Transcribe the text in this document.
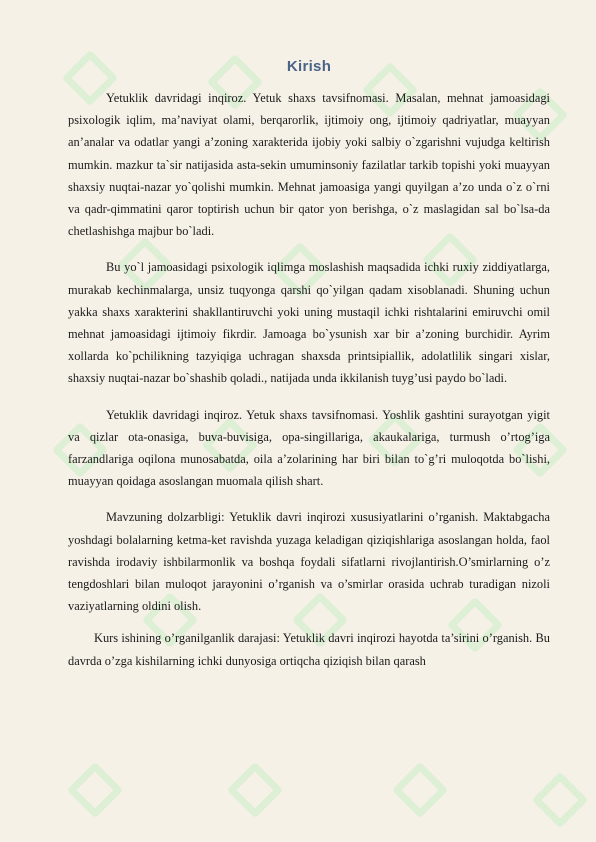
Kirish

Yetuklik davridagi inqiroz. Yetuk shaxs tavsifnomasi. Masalan, mehnat jamoasidagi psixologik iqlim, ma’naviyat olami, berqarorlik, ijtimoiy ong, ijtimoiy qadriyatlar, muayyan an’analar va odatlar yangi a’zoning xarakterida ijobiy yoki salbiy o`zgarishni vujudga keltirish mumkin. mazkur ta`sir natijasida asta-sekin umuminsoniy fazilatlar tarkib topishi yoki muayyan shaxsiy nuqtai-nazar yo`qolishi mumkin. Mehnat jamoasiga yangi quyilgan a’zo unda o`z o`rni va qadr-qimmatini qaror toptirish uchun bir qator yon berishga, o`z maslagidan sal bo`lsa-da chetlashishga majbur bo`ladi.

Bu yo`l jamoasidagi psixologik iqlimga moslashish maqsadida ichki ruxiy ziddiyatlarga, murakab kechinmalarga, unsiz tuqyonga qarshi qo`yilgan qadam xisoblanadi. Shuning uchun yakka shaxs xarakterini shakllantiruvchi yoki uning mustaqil ichki rishtalarini emiruvchi omil mehnat jamoasidagi ijtimoiy fikrdir. Jamoaga bo`ysunish xar bir a’zoning burchidir. Ayrim xollarda ko`pchilikning tazyiqiga uchragan shaxsda printsipiallik, adolatlilik singari xislar, shaxsiy nuqtai-nazar bo`shashib qoladi., natijada unda ikkilanish tuyg’usi paydo bo`ladi.

Yetuklik davridagi inqiroz. Yetuk shaxs tavsifnomasi. Yoshlik gashtini surayotgan yigit va qizlar ota-onasiga, buva-buvisiga, opa-singillariga, akaukalariga, turmush o’rtog’iga farzandlariga oqilona munosabatda, oila a’zolarining har biri bilan to`g’ri muloqotda bo`lishi, muayyan qoidaga asoslangan muomala qilish shart.

Mavzuning dolzarbligi: Yetuklik davri inqirozi xususiyatlarini o’rganish. Maktabgacha yoshdagi bolalarning ketma-ket ravishda yuzaga keladigan qiziqishlariga asoslangan holda, faol ravishda irodaviy ishbilarmonlik va boshqa foydali sifatlarni rivojlantirish.O’smirlarning o’z tengdoshlari bilan muloqot jarayonini o’rganish va o’smirlar orasida uchrab turadigan nizoli vaziyatlarning oldini olish.

Kurs ishining o’rganilganlik darajasi: Yetuklik davri inqirozi hayotda ta’sirini o’rganish. Bu davrda o’zga kishilarning ichki dunyosiga ortiqcha qiziqish bilan qarash
